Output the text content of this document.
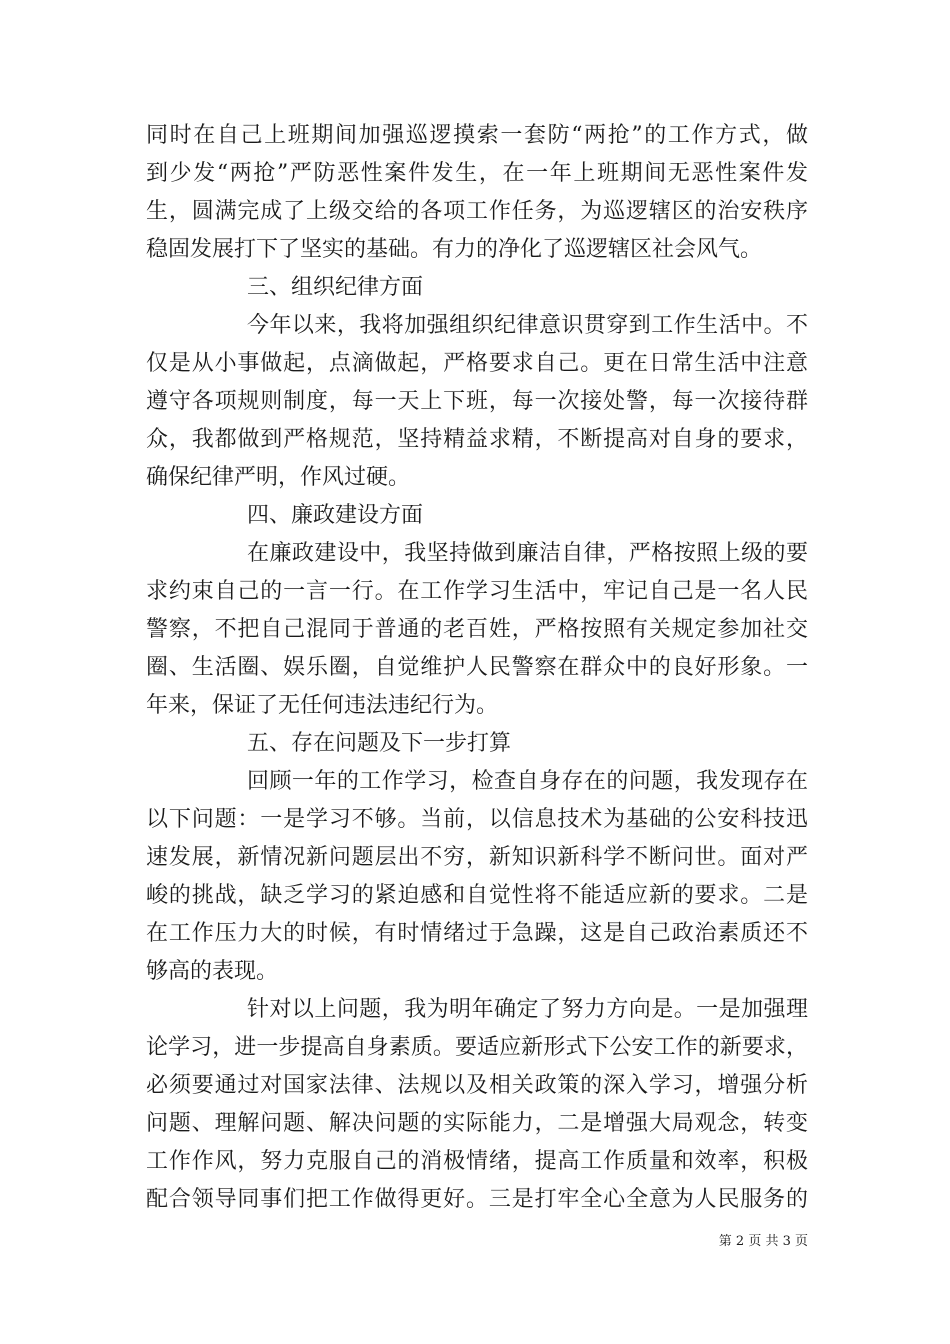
同时在自己上班期间加强巡逻摸索一套防“两抢”的工作方式，做
到少发“两抢”严防恶性案件发生，在一年上班期间无恶性案件发
生，圆满完成了上级交给的各项工作任务，为巡逻辖区的治安秩序
稳固发展打下了坚实的基础。有力的净化了巡逻辖区社会风气。
三、组织纪律方面
今年以来，我将加强组织纪律意识贯穿到工作生活中。不
仅是从小事做起，点滴做起，严格要求自己。更在日常生活中注意
遵守各项规则制度，每一天上下班，每一次接处警，每一次接待群
众，我都做到严格规范，坚持精益求精，不断提高对自身的要求，
确保纪律严明，作风过硬。
四、廉政建设方面
在廉政建设中，我坚持做到廉洁自律，严格按照上级的要
求约束自己的一言一行。在工作学习生活中，牢记自己是一名人民
警察，不把自己混同于普通的老百姓，严格按照有关规定参加社交
圈、生活圈、娱乐圈，自觉维护人民警察在群众中的良好形象。一
年来，保证了无任何违法违纪行为。
五、存在问题及下一步打算
回顾一年的工作学习，检查自身存在的问题，我发现存在
以下问题：一是学习不够。当前，以信息技术为基础的公安科技迅
速发展，新情况新问题层出不穷，新知识新科学不断问世。面对严
峻的挑战，缺乏学习的紧迫感和自觉性将不能适应新的要求。二是
在工作压力大的时候，有时情绪过于急躁，这是自己政治素质还不
够高的表现。
针对以上问题，我为明年确定了努力方向是。一是加强理
论学习，进一步提高自身素质。要适应新形式下公安工作的新要求，
必须要通过对国家法律、法规以及相关政策的深入学习，增强分析
问题、理解问题、解决问题的实际能力，二是增强大局观念，转变
工作作风，努力克服自己的消极情绪，提高工作质量和效率，积极
配合领导同事们把工作做得更好。三是打牢全心全意为人民服务的
第 2 页 共 3 页
